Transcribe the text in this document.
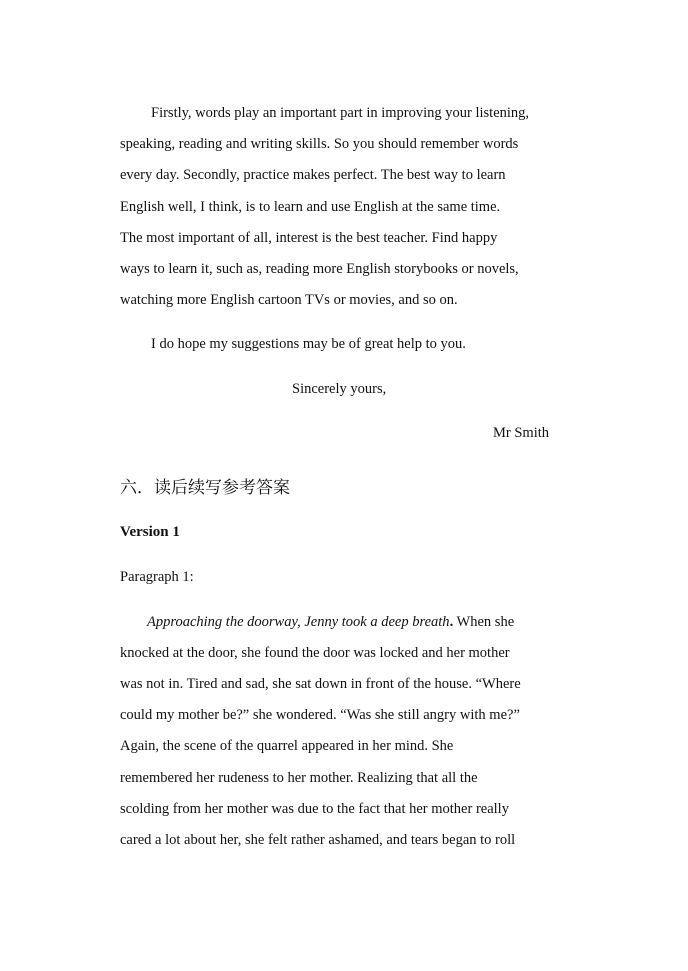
Firstly, words play an important part in improving your listening,
speaking, reading and writing skills. So you should remember words
every day. Secondly, practice makes perfect. The best way to learn
English well, I think, is to learn and use English at the same time.
The most important of all, interest is the best teacher. Find happy
ways to learn it, such as, reading more English storybooks or novels,
watching more English cartoon TVs or movies, and so on.
I do hope my suggestions may be of great help to you.
Sincerely yours,
Mr Smith
六．读后续写参考答案
Version 1
Paragraph 1:
Approaching the doorway, Jenny took a deep breath. When she
knocked at the door, she found the door was locked and her mother
was not in. Tired and sad, she sat down in front of the house. “Where
could my mother be?” she wondered. “Was she still angry with me?”
Again, the scene of the quarrel appeared in her mind. She
remembered her rudeness to her mother. Realizing that all the
scolding from her mother was due to the fact that her mother really
cared a lot about her, she felt rather ashamed, and tears began to roll
